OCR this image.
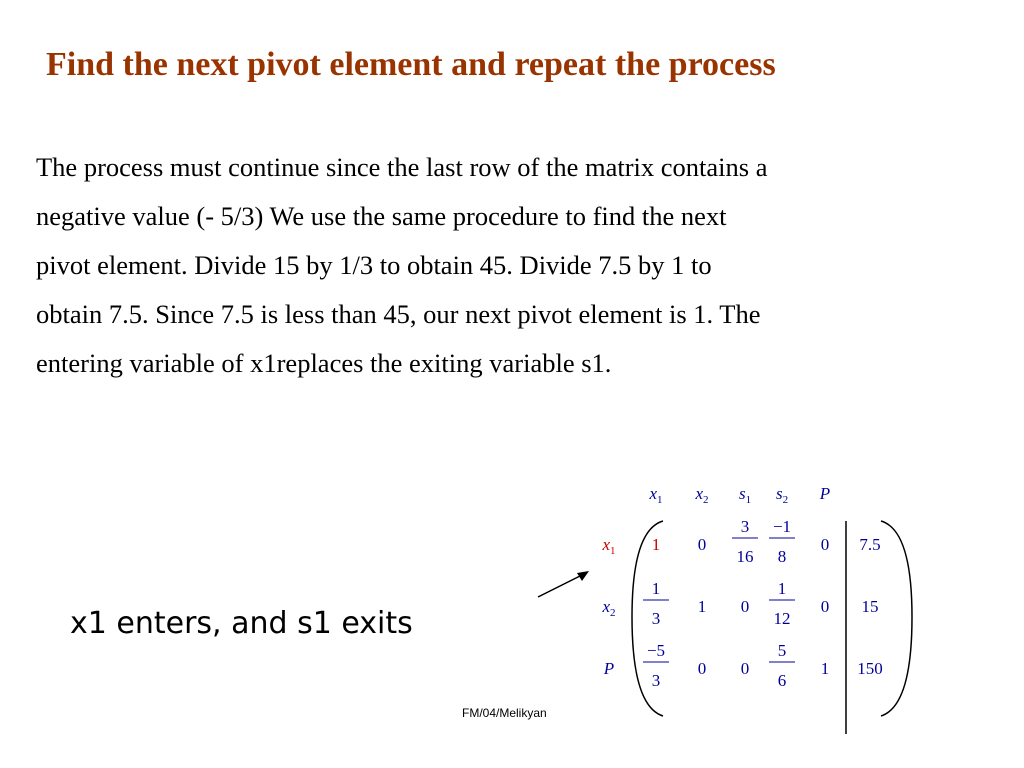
Find the next pivot element and repeat the process
The process must continue since the last row of the matrix contains a
negative value (- 5/3) We use the same procedure to find the next
pivot element. Divide 15 by 1/3 to obtain 45. Divide 7.5 by 1 to
obtain 7.5. Since 7.5 is less than 45, our next pivot element is 1. The
entering variable of x1replaces the exiting variable s1.
x1 enters, and s1 exits
FM/04/Melikyan
$x_1$ $x_2$ $s_1$ $s_2$ P
$x_1$ 1 0
3
16
−1
8
0 7.5
$x_2$
1
3
1 0
1
12
0 15
P
−5
3
0 0
5
6
1 150
